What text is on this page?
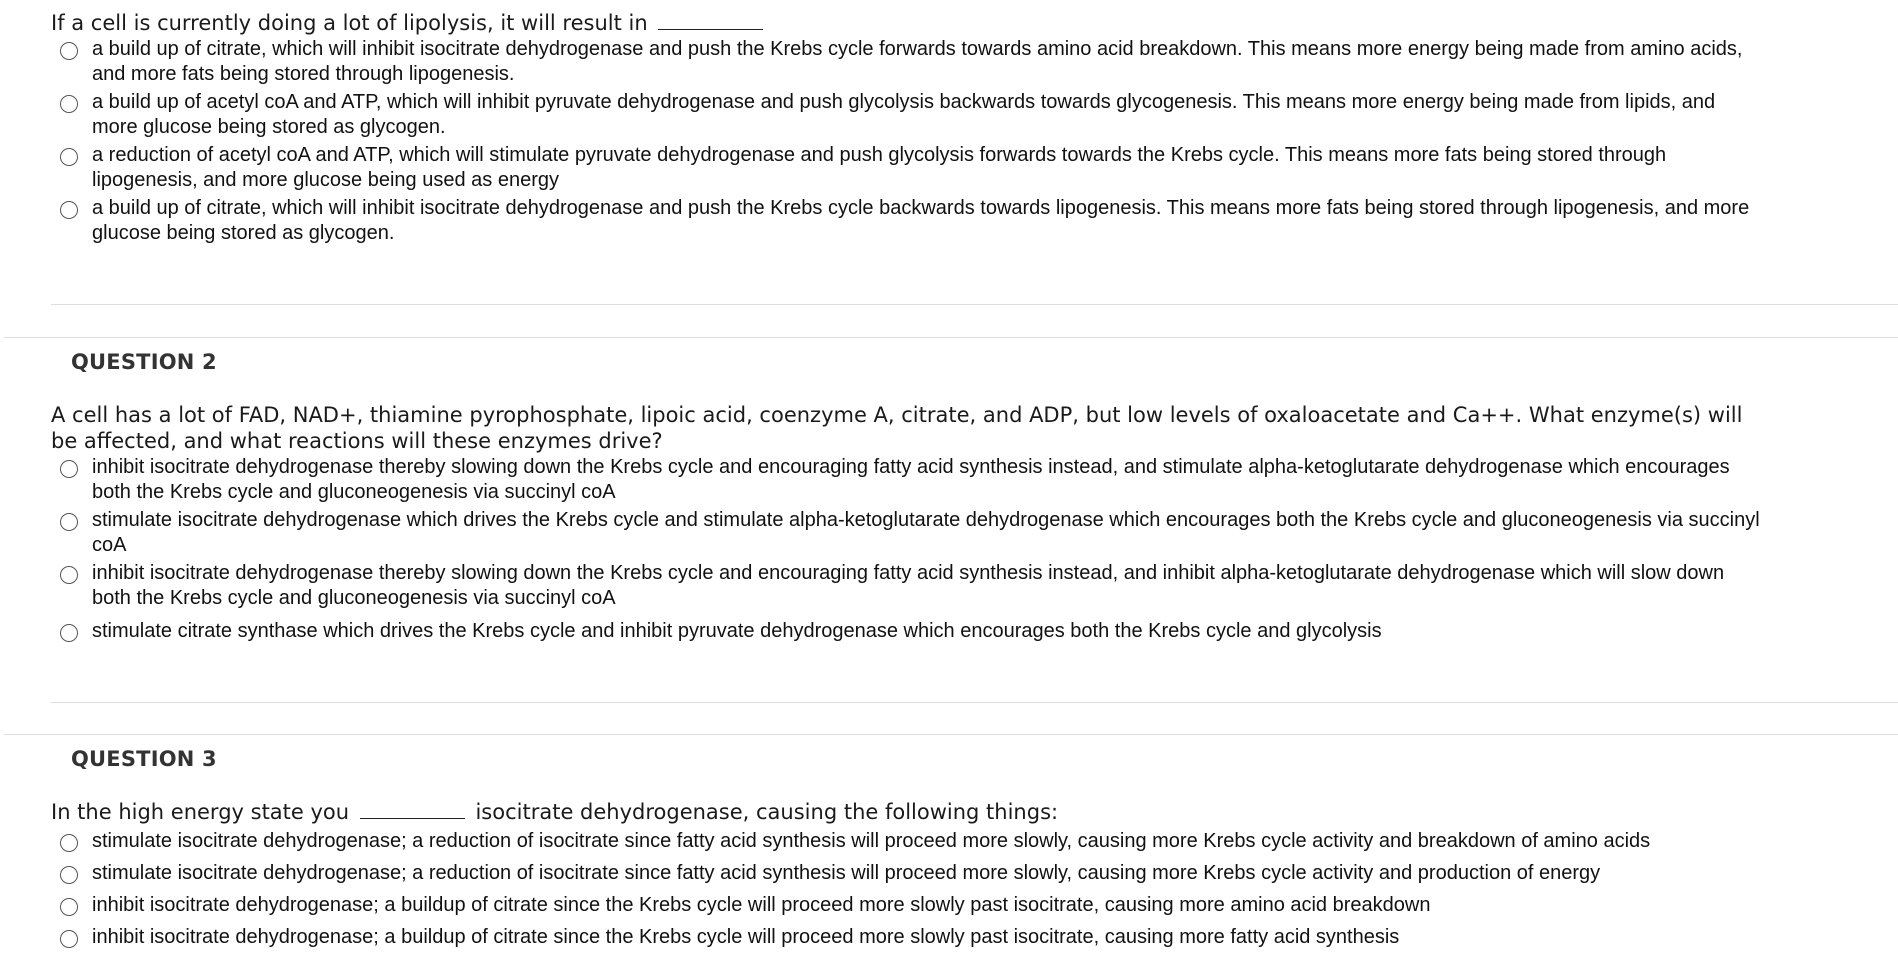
If a cell is currently doing a lot of lipolysis, it will result in
a build up of citrate, which will inhibit isocitrate dehydrogenase and push the Krebs cycle forwards towards amino acid breakdown. This means more energy being made from amino acids, and more fats being stored through lipogenesis.
a build up of acetyl coA and ATP, which will inhibit pyruvate dehydrogenase and push glycolysis backwards towards glycogenesis. This means more energy being made from lipids, and more glucose being stored as glycogen.
a reduction of acetyl coA and ATP, which will stimulate pyruvate dehydrogenase and push glycolysis forwards towards the Krebs cycle. This means more fats being stored through lipogenesis, and more glucose being used as energy
a build up of citrate, which will inhibit isocitrate dehydrogenase and push the Krebs cycle backwards towards lipogenesis. This means more fats being stored through lipogenesis, and more glucose being stored as glycogen.
QUESTION 2
A cell has a lot of FAD, NAD+, thiamine pyrophosphate, lipoic acid, coenzyme A, citrate, and ADP, but low levels of oxaloacetate and Ca++. What enzyme(s) will be affected, and what reactions will these enzymes drive?
inhibit isocitrate dehydrogenase thereby slowing down the Krebs cycle and encouraging fatty acid synthesis instead, and stimulate alpha-ketoglutarate dehydrogenase which encourages both the Krebs cycle and gluconeogenesis via succinyl coA
stimulate isocitrate dehydrogenase which drives the Krebs cycle and stimulate alpha-ketoglutarate dehydrogenase which encourages both the Krebs cycle and gluconeogenesis via succinyl coA
inhibit isocitrate dehydrogenase thereby slowing down the Krebs cycle and encouraging fatty acid synthesis instead, and inhibit alpha-ketoglutarate dehydrogenase which will slow down both the Krebs cycle and gluconeogenesis via succinyl coA
stimulate citrate synthase which drives the Krebs cycle and inhibit pyruvate dehydrogenase which encourages both the Krebs cycle and glycolysis
QUESTION 3
In the high energy state you	isocitrate dehydrogenase, causing the following things:
stimulate isocitrate dehydrogenase; a reduction of isocitrate since fatty acid synthesis will proceed more slowly, causing more Krebs cycle activity and breakdown of amino acids
stimulate isocitrate dehydrogenase; a reduction of isocitrate since fatty acid synthesis will proceed more slowly, causing more Krebs cycle activity and production of energy
inhibit isocitrate dehydrogenase; a buildup of citrate since the Krebs cycle will proceed more slowly past isocitrate, causing more amino acid breakdown
inhibit isocitrate dehydrogenase; a buildup of citrate since the Krebs cycle will proceed more slowly past isocitrate, causing more fatty acid synthesis
